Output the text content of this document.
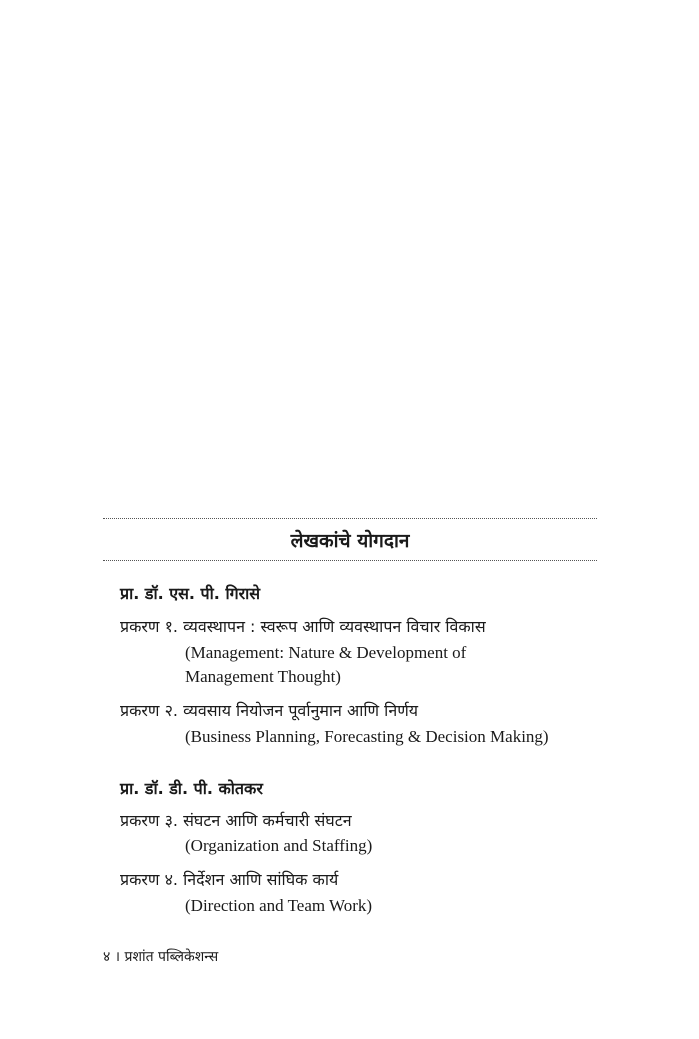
लेखकांचे योगदान
प्रा. डॉ. एस. पी. गिरासे
प्रकरण १. व्यवस्थापन : स्वरूप आणि व्यवस्थापन विचार विकास
(Management: Nature & Development of
Management Thought)
प्रकरण २. व्यवसाय नियोजन पूर्वानुमान आणि निर्णय
(Business Planning, Forecasting & Decision Making)
प्रा. डॉ. डी. पी. कोतकर
प्रकरण ३. संघटन आणि कर्मचारी संघटन
(Organization and Staffing)
प्रकरण ४. निर्देशन आणि सांघिक कार्य
(Direction and Team Work)
४ । प्रशांत पब्लिकेशन्स
